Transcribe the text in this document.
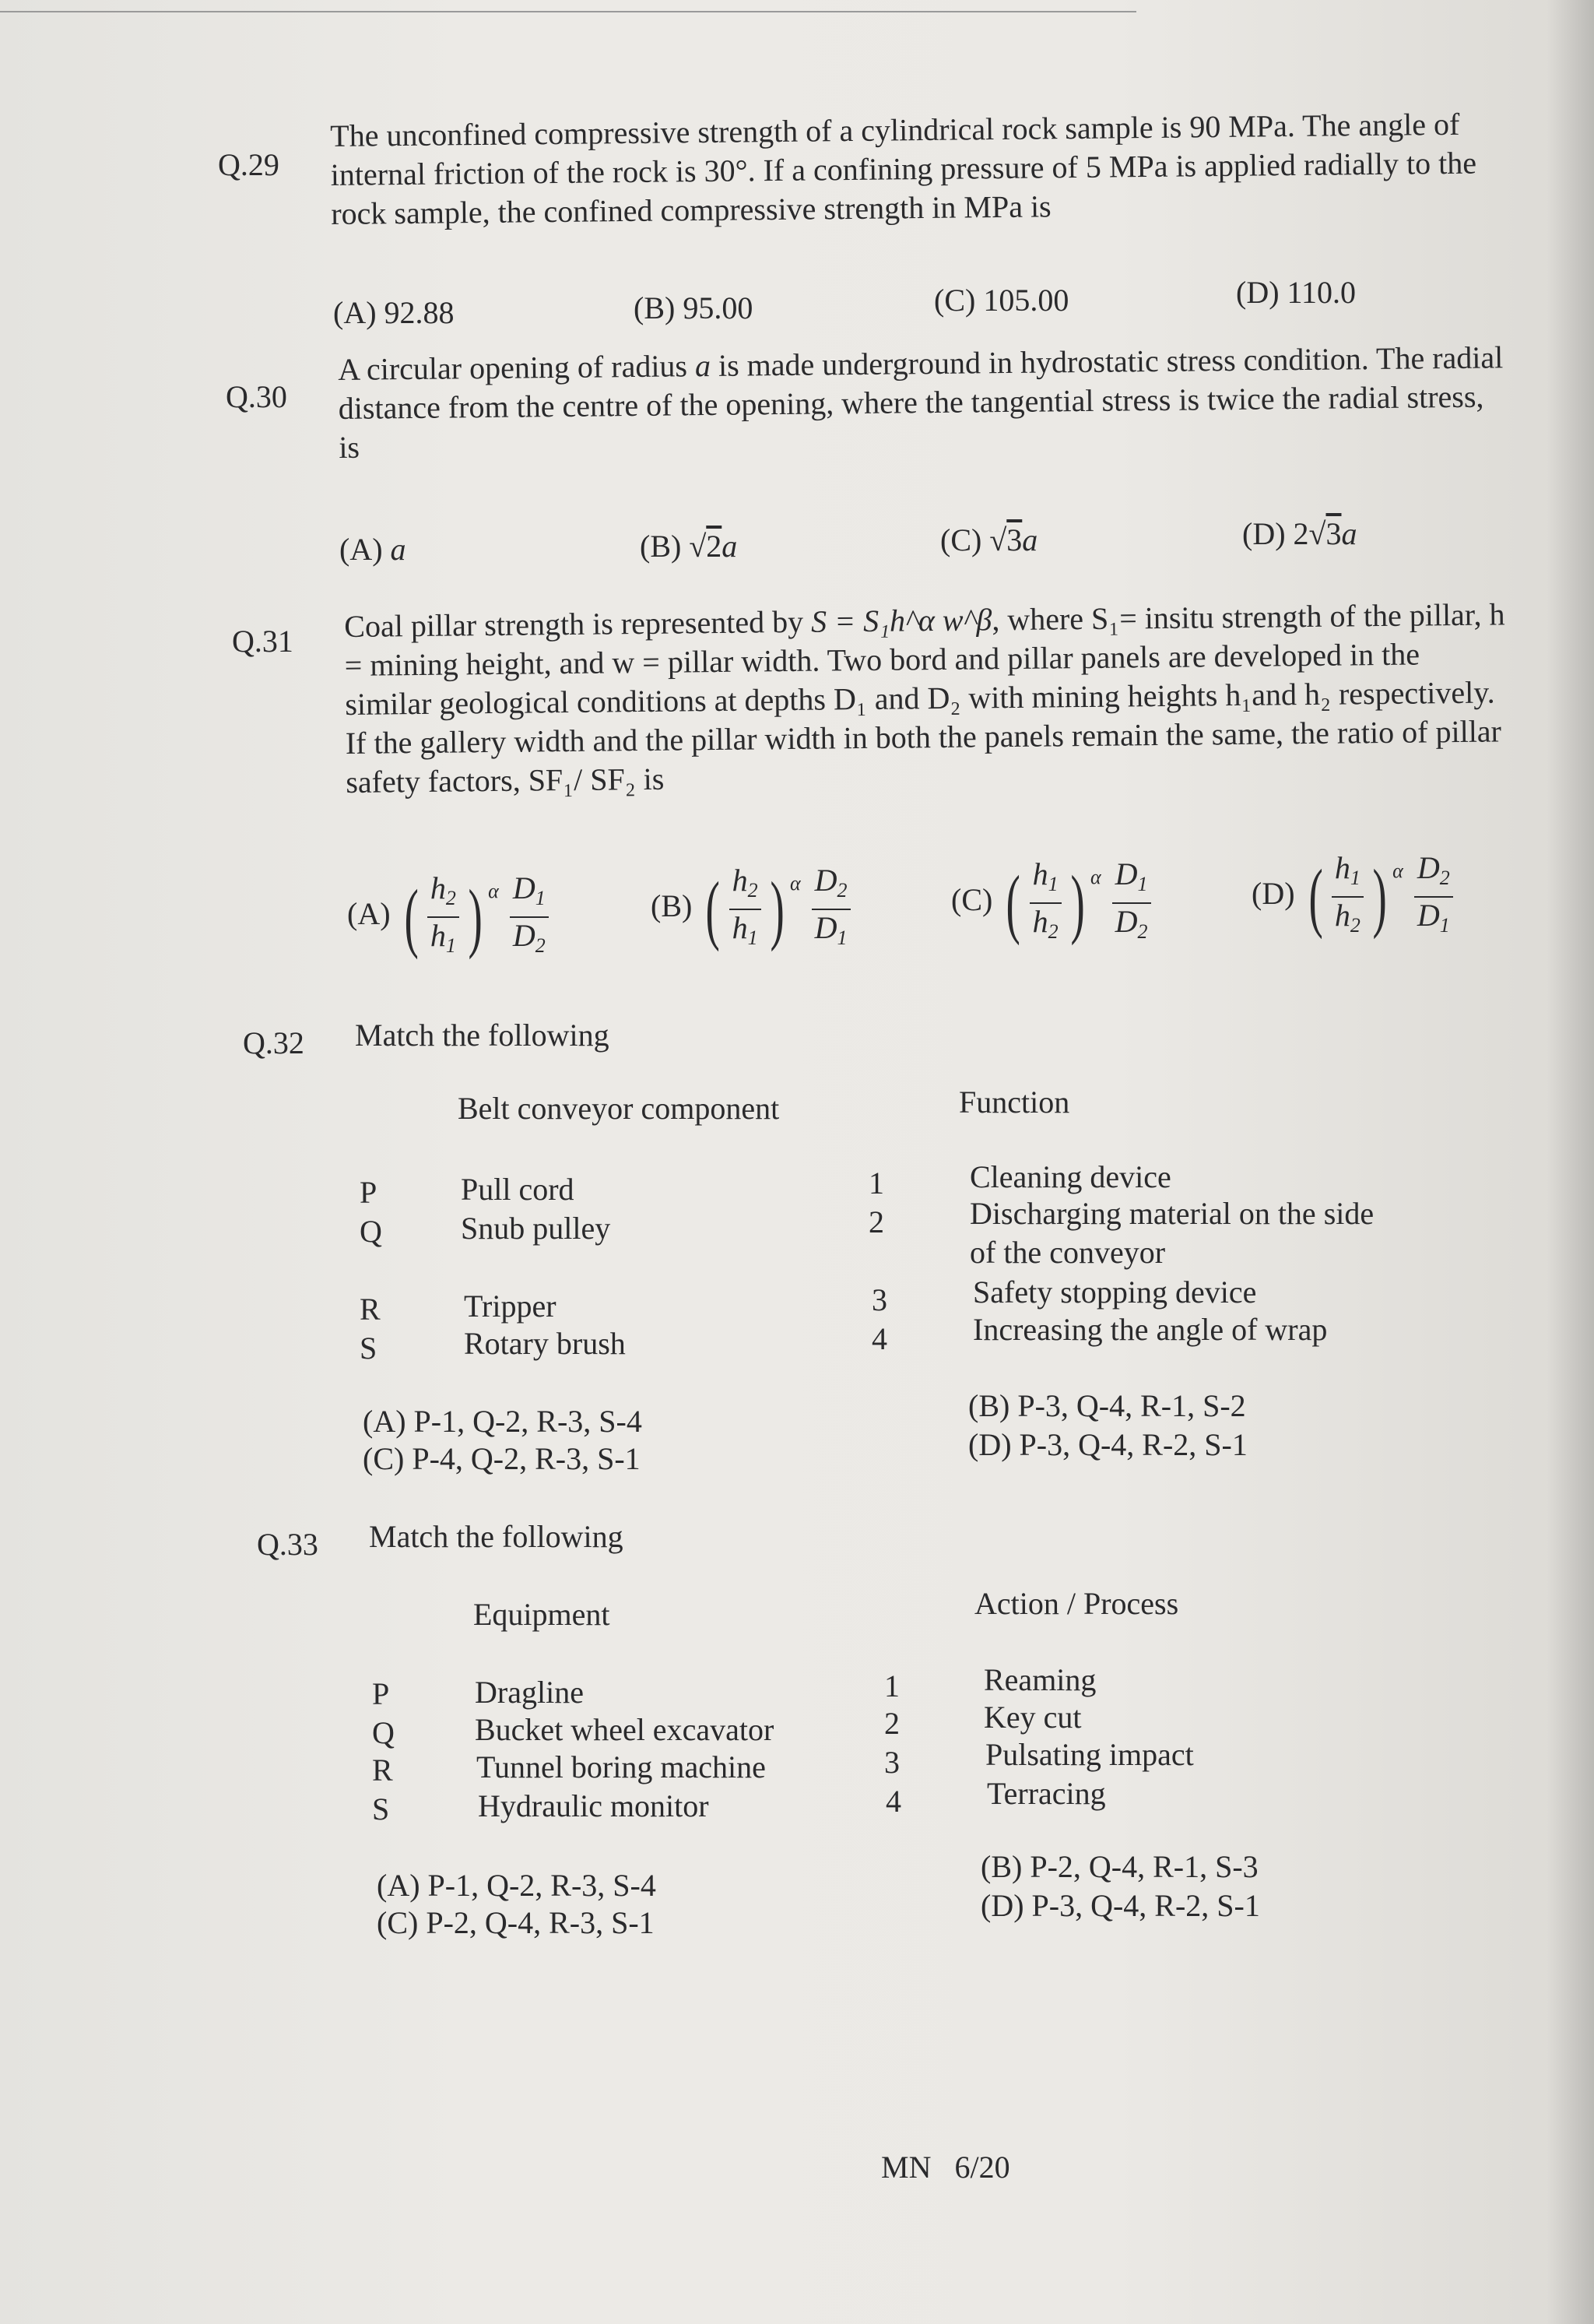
Q.29
The unconfined compressive strength of a cylindrical rock sample is 90 MPa. The angle of internal friction of the rock is 30°. If a confining pressure of 5 MPa is applied radially to the rock sample, the confined compressive strength in MPa is
(A) 92.88	(B) 95.00	(C) 105.00	(D) 110.0
Q.30
A circular opening of radius a is made underground in hydrostatic stress condition. The radial distance from the centre of the opening, where the tangential stress is twice the radial stress, is
(A) a	(B) √2a	(C) √3a	(D) 2√3a
Q.31 Coal pillar strength is represented by S = S₁h^α w^β, where S₁= insitu strength of the pillar, h = mining height, and w = pillar width. Two bord and pillar panels are developed in the similar geological conditions at depths D₁ and D₂ with mining heights h₁and h₂ respectively. If the gallery width and the pillar width in both the panels remain the same, the ratio of pillar safety factors, SF₁/ SF₂ is
(A) ( $\frac{h_2}{h_1}$ ) $^\alpha \frac{D_1}{D_2}$	(B) ( $\frac{h_2}{h_1}$ ) $^\alpha \frac{D_2}{D_1}$	(C) ( $\frac{h_1}{h_2}$ ) $^\alpha \frac{D_1}{D_2}$	(D) ( $\frac{h_1}{h_2}$ ) $^\alpha \frac{D_2}{D_1}$
Q.32 Match the following
Belt conveyor component	Function
P	Pull cord	1	Cleaning device
Q	Snub pulley	2	Discharging material on the side of the conveyor
R	Tripper	3	Safety stopping device
S	Rotary brush	4	Increasing the angle of wrap
(A) P-1, Q-2, R-3, S-4	(B) P-3, Q-4, R-1, S-2
(C) P-4, Q-2, R-3, S-1	(D) P-3, Q-4, R-2, S-1
Q.33 Match the following
Equipment	Action / Process
P	Dragline	1	Reaming
Q	Bucket wheel excavator	2	Key cut
R	Tunnel boring machine	3	Pulsating impact
S	Hydraulic monitor	4	Terracing
(A) P-1, Q-2, R-3, S-4
(B) P-2, Q-4, R-1, S-3
(C) P-2, Q-4, R-3, S-1	(D) P-3, Q-4, R-2, S-1
MN   6/20
